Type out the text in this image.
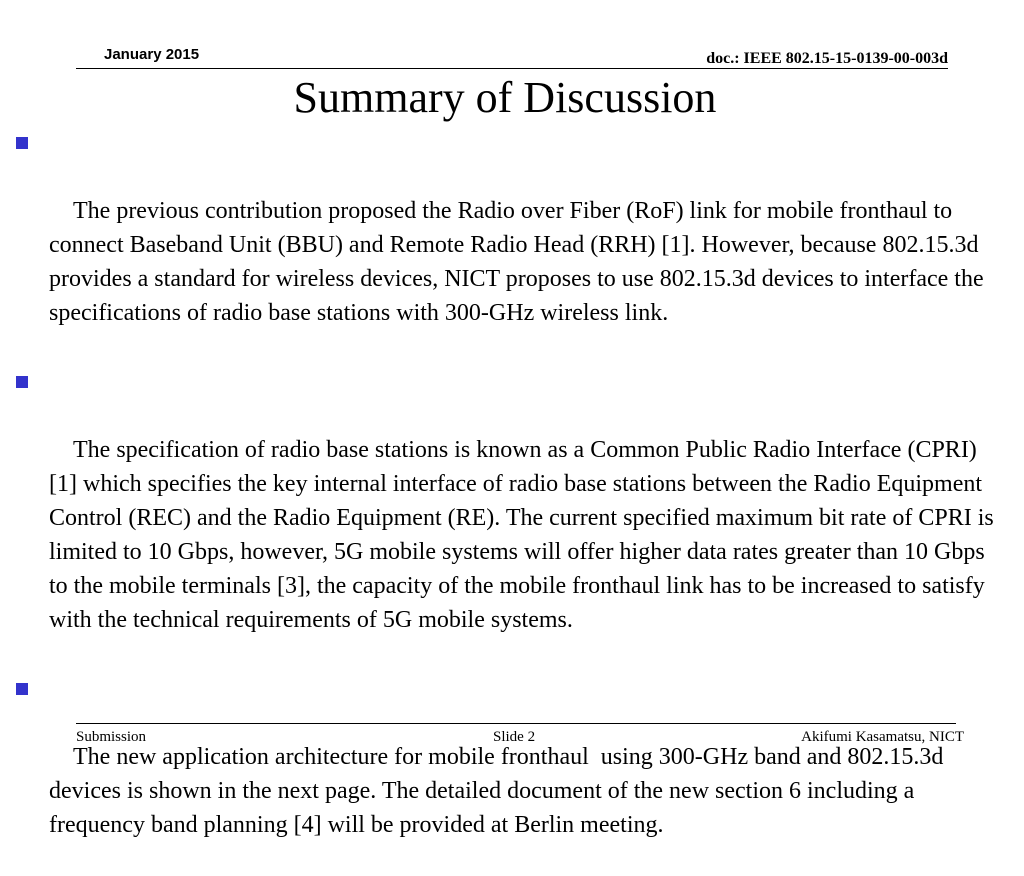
January 2015	doc.: IEEE 802.15-15-0139-00-003d
Summary of Discussion

The previous contribution proposed the Radio over Fiber (RoF) link for mobile fronthaul to connect Baseband Unit (BBU) and Remote Radio Head (RRH) [1]. However, because 802.15.3d provides a standard for wireless devices, NICT proposes to use 802.15.3d devices to interface the specifications of radio base stations with 300-GHz wireless link.

The specification of radio base stations is known as a Common Public Radio Interface (CPRI) [1] which specifies the key internal interface of radio base stations between the Radio Equipment Control (REC) and the Radio Equipment (RE). The current specified maximum bit rate of CPRI is limited to 10 Gbps, however, 5G mobile systems will offer higher data rates greater than 10 Gbps to the mobile terminals [3], the capacity of the mobile fronthaul link has to be increased to satisfy with the technical requirements of 5G mobile systems.

The new application architecture for mobile fronthaul  using 300-GHz band and 802.15.3d devices is shown in the next page. The detailed document of the new section 6 including a frequency band planning [4] will be provided at Berlin meeting.

Submission	Slide 2	Akifumi Kasamatsu, NICT
